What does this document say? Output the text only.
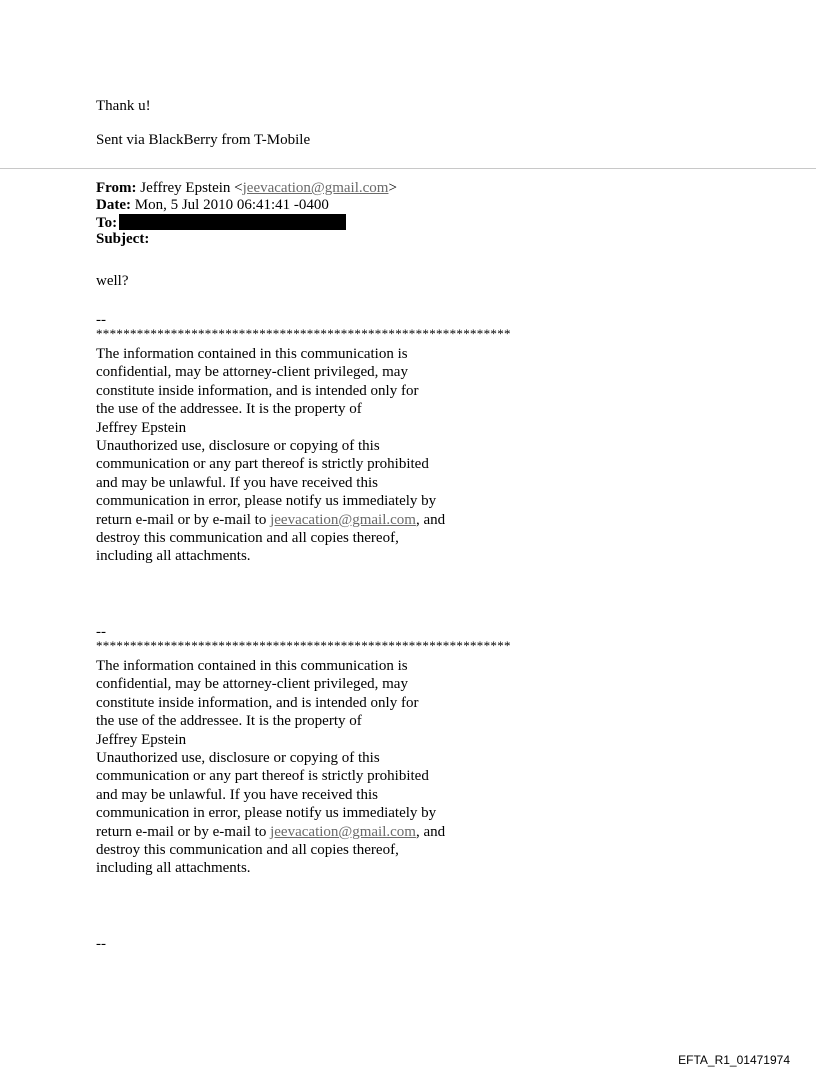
Thank u!
Sent via BlackBerry from T-Mobile
From: Jeffrey Epstein <jeevacation@gmail.com>
Date: Mon, 5 Jul 2010 06:41:41 -0400
To:
Subject:
well?
--
*************************************************************
The information contained in this communication is
confidential, may be attorney-client privileged, may
constitute inside information, and is intended only for
the use of the addressee. It is the property of
Jeffrey Epstein
Unauthorized use, disclosure or copying of this
communication or any part thereof is strictly prohibited
and may be unlawful. If you have received this
communication in error, please notify us immediately by
return e-mail or by e-mail to jeevacation@gmail.com, and
destroy this communication and all copies thereof,
including all attachments.
--
*************************************************************
The information contained in this communication is
confidential, may be attorney-client privileged, may
constitute inside information, and is intended only for
the use of the addressee. It is the property of
Jeffrey Epstein
Unauthorized use, disclosure or copying of this
communication or any part thereof is strictly prohibited
and may be unlawful. If you have received this
communication in error, please notify us immediately by
return e-mail or by e-mail to jeevacation@gmail.com, and
destroy this communication and all copies thereof,
including all attachments.
--
EFTA_R1_01471974
